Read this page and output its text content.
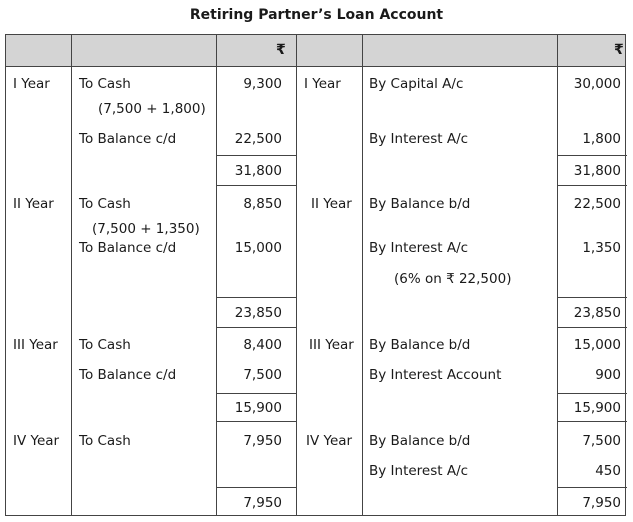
Retiring Partner’s Loan Account
₹	₹
I Year To Cash	9,300 I Year By Capital A/c	30,000
(7,500 + 1,800)
To Balance c/d	22,500	By Interest A/c	1,800
31,800	31,800
II Year To Cash	8,850 II Year By Balance b/d	22,500
(7,500 + 1,350)
To Balance c/d	15,000	By Interest A/c	1,350
(6% on ₹ 22,500)
23,850	23,850
III Year To Cash	8,400 III Year By Balance b/d	15,000
To Balance c/d	7,500	By Interest Account	900
15,900	15,900
IV Year To Cash	7,950 IV Year By Balance b/d	7,500
By Interest A/c	450
7,950	7,950
